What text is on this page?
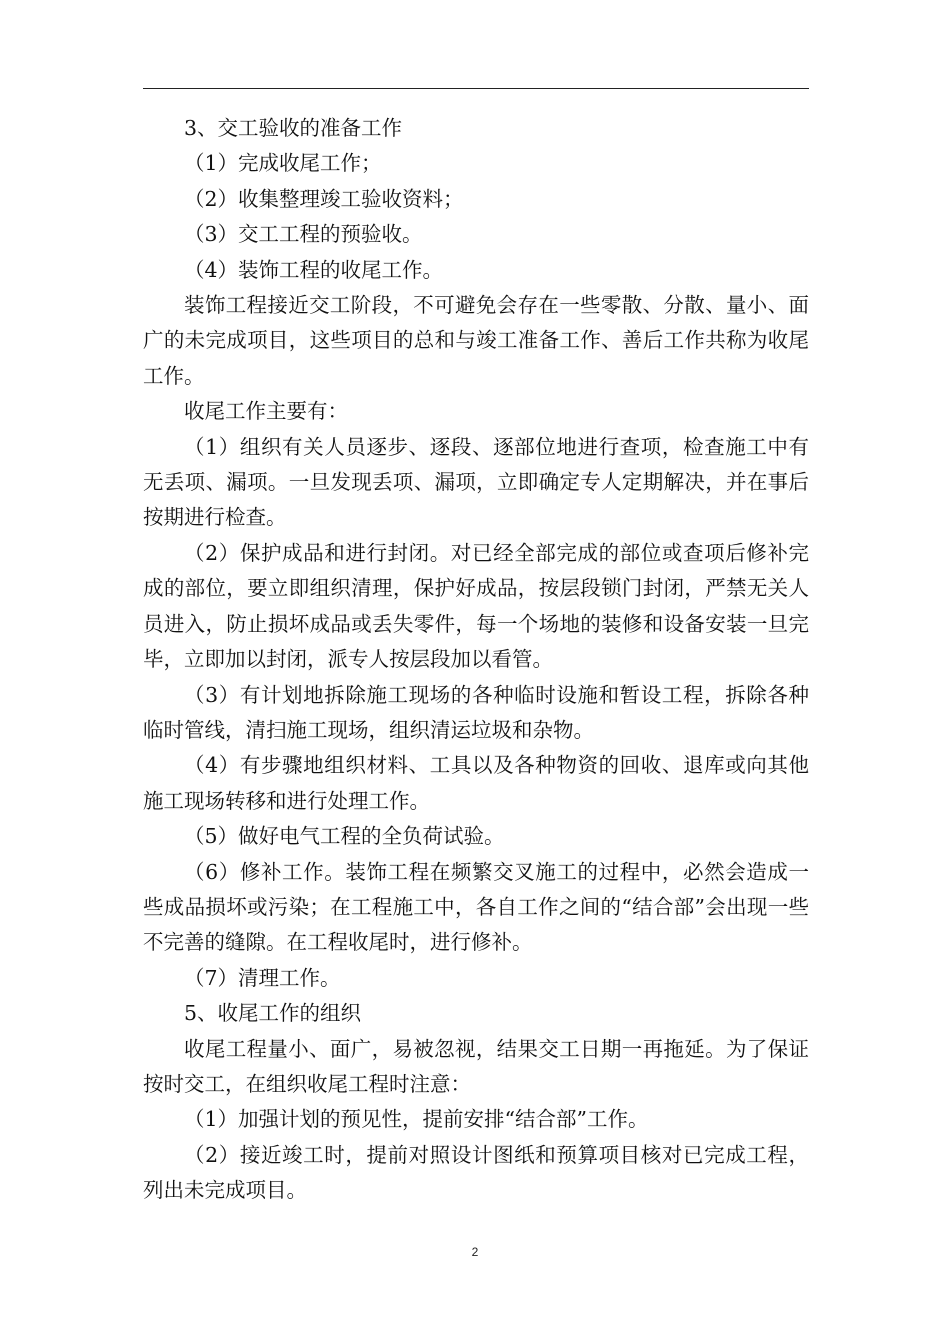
3、交工验收的准备工作

（1）完成收尾工作；

（2）收集整理竣工验收资料；

（3）交工工程的预验收。

（4）装饰工程的收尾工作。

装饰工程接近交工阶段，不可避免会存在一些零散、分散、量小、面广的未完成项目，这些项目的总和与竣工准备工作、善后工作共称为收尾工作。

收尾工作主要有：

（1）组织有关人员逐步、逐段、逐部位地进行查项，检查施工中有无丢项、漏项。一旦发现丢项、漏项，立即确定专人定期解决，并在事后按期进行检查。

（2）保护成品和进行封闭。对已经全部完成的部位或查项后修补完成的部位，要立即组织清理，保护好成品，按层段锁门封闭，严禁无关人员进入，防止损坏成品或丢失零件，每一个场地的装修和设备安装一旦完毕，立即加以封闭，派专人按层段加以看管。

（3）有计划地拆除施工现场的各种临时设施和暂设工程，拆除各种临时管线，清扫施工现场，组织清运垃圾和杂物。

（4）有步骤地组织材料、工具以及各种物资的回收、退库或向其他施工现场转移和进行处理工作。

（5）做好电气工程的全负荷试验。

（6）修补工作。装饰工程在频繁交叉施工的过程中，必然会造成一些成品损坏或污染；在工程施工中，各自工作之间的“结合部”会出现一些不完善的缝隙。在工程收尾时，进行修补。

（7）清理工作。

5、收尾工作的组织

收尾工程量小、面广，易被忽视，结果交工日期一再拖延。为了保证按时交工，在组织收尾工程时注意：

（1）加强计划的预见性，提前安排“结合部”工作。

（2）接近竣工时，提前对照设计图纸和预算项目核对已完成工程，列出未完成项目。

2
